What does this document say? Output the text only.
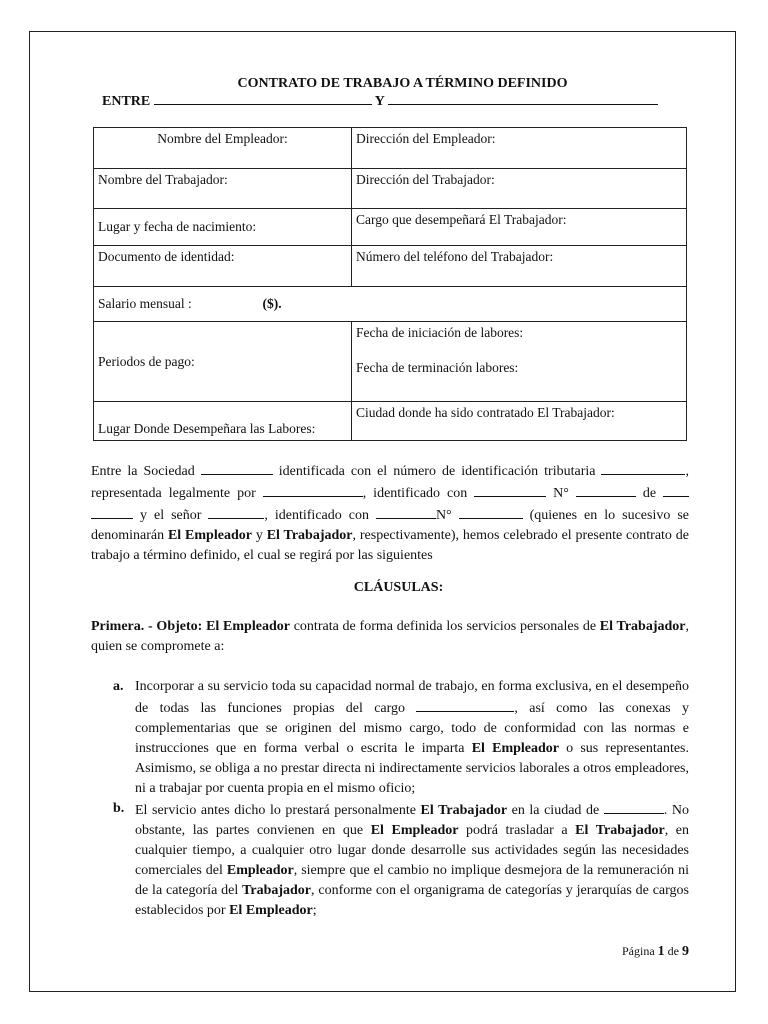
CONTRATO DE TRABAJO A TÉRMINO DEFINIDO
ENTRE	Y
Nombre del Empleador:	Dirección del Empleador:
Nombre del Trabajador:	Dirección del Trabajador:
Lugar y fecha de nacimiento:	Cargo que desempeñará El Trabajador:
Documento de identidad:	Número del teléfono del Trabajador:
Salario mensual : ($).	
Periodos de pago:	Fecha de iniciación de labores:
Fecha de terminación labores:

Lugar Donde Desempeñara las Labores:	Ciudad donde ha sido contratado El Trabajador:
Entre la Sociedad	identificada con el número de identificación tributaria	, representada legalmente por	, identificado con	N°	de   y el señor	, identificado con	N°	(quienes en lo sucesivo se denominarán El Empleador y El Trabajador, respectivamente), hemos celebrado el presente contrato de trabajo a término definido, el cual se regirá por las siguientes
CLÁUSULAS:
Primera. - Objeto: El Empleador contrata de forma definida los servicios personales de El Trabajador, quien se compromete a:
a. Incorporar a su servicio toda su capacidad normal de trabajo, en forma exclusiva, en el desempeño de todas las funciones propias del cargo	, así como las conexas y complementarias que se originen del mismo cargo, todo de conformidad con las normas e instrucciones que en forma verbal o escrita le imparta El Empleador o sus representantes. Asimismo, se obliga a no prestar directa ni indirectamente servicios laborales a otros empleadores, ni a trabajar por cuenta propia en el mismo oficio;
b. El servicio antes dicho lo prestará personalmente El Trabajador en la ciudad de	. No obstante, las partes convienen en que El Empleador podrá trasladar a El Trabajador, en cualquier tiempo, a cualquier otro lugar donde desarrolle sus actividades según las necesidades comerciales del Empleador, siempre que el cambio no implique desmejora de la remuneración ni de la categoría del Trabajador, conforme con el organigrama de categorías y jerarquías de cargos establecidos por El Empleador;
Página 1 de 9
